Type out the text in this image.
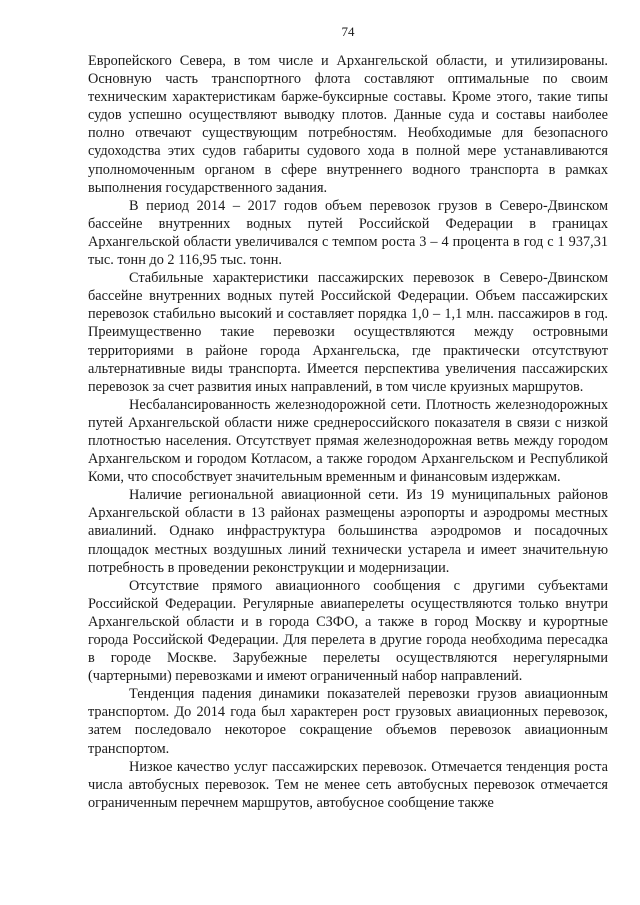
74

Европейского Севера, в том числе и Архангельской области, и утилизированы. Основную часть транспортного флота составляют оптимальные по своим техническим характеристикам барже-буксирные составы. Кроме этого, такие типы судов успешно осуществляют выводку плотов. Данные суда и составы наиболее полно отвечают существующим потребностям. Необходимые для безопасного судоходства этих судов габариты судового хода в полной мере устанавливаются уполномоченным органом в сфере внутреннего водного транспорта в рамках выполнения государственного задания.

В период 2014 – 2017 годов объем перевозок грузов в Северо-Двинском бассейне внутренних водных путей Российской Федерации в границах Архангельской области увеличивался с темпом роста 3 – 4 процента в год с 1 937,31 тыс. тонн до 2 116,95 тыс. тонн.

Стабильные характеристики пассажирских перевозок в Северо-Двинском бассейне внутренних водных путей Российской Федерации. Объем пассажирских перевозок стабильно высокий и составляет порядка 1,0 – 1,1 млн. пассажиров в год. Преимущественно такие перевозки осуществляются между островными территориями в районе города Архангельска, где практически отсутствуют альтернативные виды транспорта. Имеется перспектива увеличения пассажирских перевозок за счет развития иных направлений, в том числе круизных маршрутов.

Несбалансированность железнодорожной сети. Плотность железнодорожных путей Архангельской области ниже среднероссийского показателя в связи с низкой плотностью населения. Отсутствует прямая железнодорожная ветвь между городом Архангельском и городом Котласом, а также городом Архангельском и Республикой Коми, что способствует значительным временным и финансовым издержкам.

Наличие региональной авиационной сети. Из 19 муниципальных районов Архангельской области в 13 районах размещены аэропорты и аэродромы местных авиалиний. Однако инфраструктура большинства аэродромов и посадочных площадок местных воздушных линий технически устарела и имеет значительную потребность в проведении реконструкции и модернизации.

Отсутствие прямого авиационного сообщения с другими субъектами Российской Федерации. Регулярные авиаперелеты осуществляются только внутри Архангельской области и в города СЗФО, а также в город Москву и курортные города Российской Федерации. Для перелета в другие города необходима пересадка в городе Москве. Зарубежные перелеты осуществляются нерегулярными (чартерными) перевозками и имеют ограниченный набор направлений.

Тенденция падения динамики показателей перевозки грузов авиационным транспортом. До 2014 года был характерен рост грузовых авиационных перевозок, затем последовало некоторое сокращение объемов перевозок авиационным транспортом.

Низкое качество услуг пассажирских перевозок. Отмечается тенденция роста числа автобусных перевозок. Тем не менее сеть автобусных перевозок отмечается ограниченным перечнем маршрутов, автобусное сообщение также
